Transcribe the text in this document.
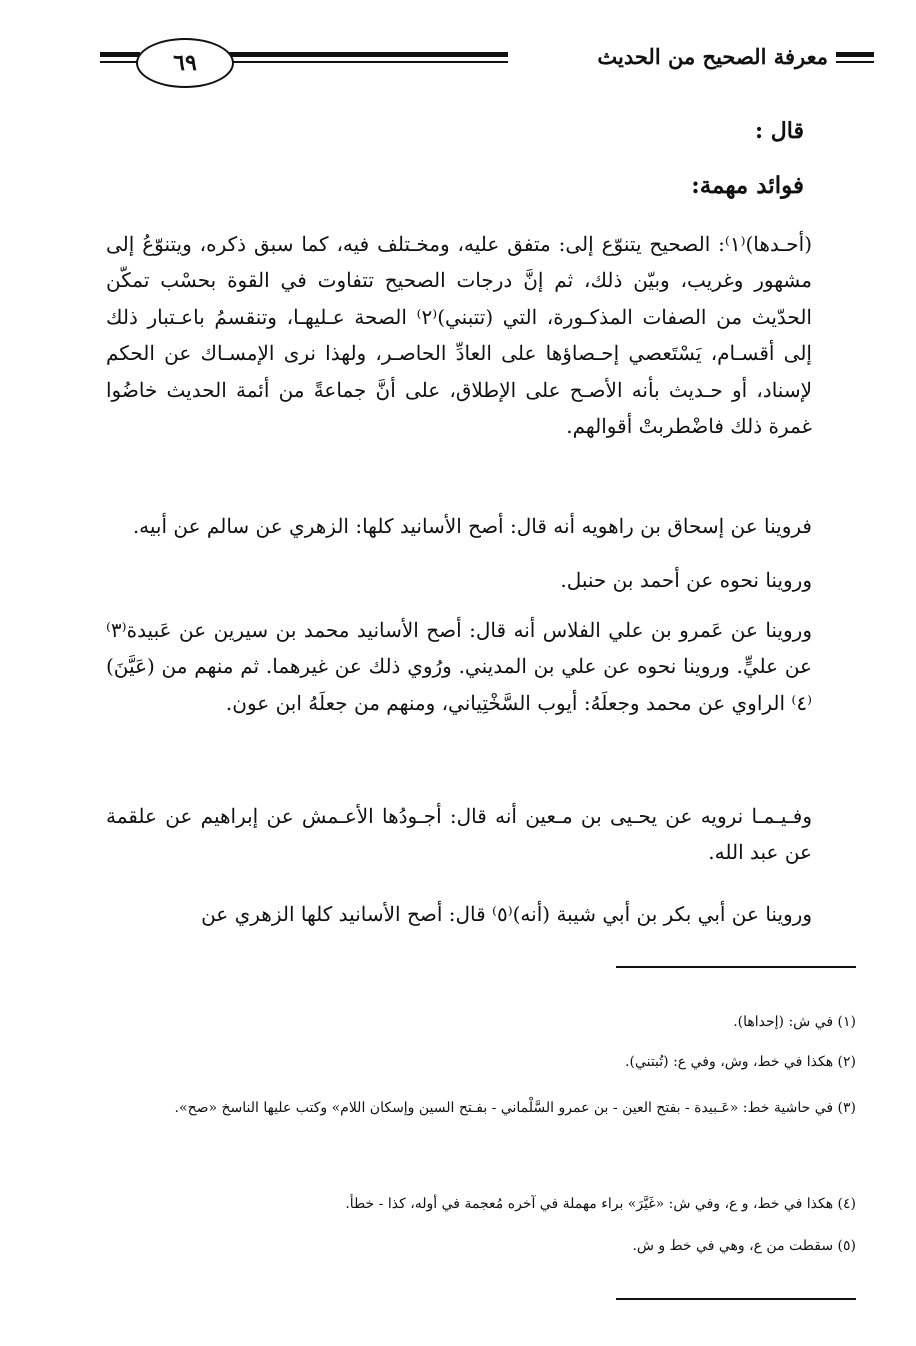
معرفة الصحيح من الحديث
٦٩
قال :
فوائد مهمة:
(أحـدها)⁽١⁾: الصحيح يتنوّع إلى: متفق عليه، ومخـتلف فيه، كما سبق ذكره، ويتنوّعُ إلى مشهور وغريب، وبيّن ذلك، ثم إنَّ درجات الصحيح تتفاوت في القوة بحسْب تمكّن الحدّيث من الصفات المذكـورة، التي (تتبني)⁽٢⁾ الصحة عـليهـا، وتنقسمُ باعـتبار ذلك إلى أقسـام، يَسْتَعصي إحـصاؤها على العادِّ الحاصـر، ولهذا نرى الإمسـاك عن الحكم لإسناد، أو حـديث بأنه الأصـح على الإطلاق، على أنَّ جماعةً من أئمة الحديث خاضُوا غمرة ذلك فاضْطربتْ أقوالهم.
فروينا عن إسحاق بن راهويه أنه قال: أصح الأسانيد كلها: الزهري عن سالم عن أبيه.
وروينا نحوه عن أحمد بن حنبل.
وروينا عن عَمرو بن علي الفلاس أنه قال: أصح الأسانيد محمد بن سيرين عن عَبيدة⁽٣⁾ عن عليٍّ. وروينا نحوه عن علي بن المديني. ورُوي ذلك عن غيرهما. ثم منهم من (عَيَّنَ)⁽٤⁾ الراوي عن محمد وجعلَهُ: أيوب السَّخْتِياني، ومنهم من جعلَهُ ابن عون.
وفـيـمـا نرويه عن يحـيى بن مـعين أنه قال: أجـودُها الأعـمش عن إبراهيم عن علقمة عن عبد الله.
وروينا عن أبي بكر بن أبي شيبة (أنه)⁽٥⁾ قال: أصح الأسانيد كلها الزهري عن
(١) في ش: (إحداها).
(٢) هكذا في خط، وش، وفي ع: (تُبتني).
(٣) في حاشية خط: «عَـبيدة - بفتح العين - بن عمرو السَّلْماني - بفـتح السين وإسكان اللام» وكتب عليها الناسخ «صح».
(٤) هكذا في خط، و ع، وفي ش: «غَيَّرَ» براء مهملة في آخره مُعجمة في أوله، كذا - خطأ.
(٥) سقطت من ع، وهي في خط و ش.
